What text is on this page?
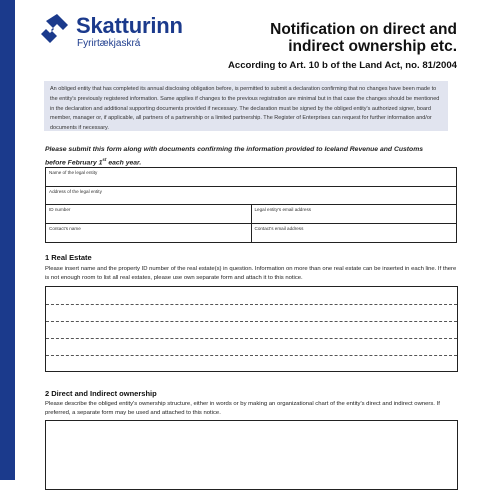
Skatturinn
Fyrirtækjaskrá
Notification on direct and
indirect ownership etc.
According to Art. 10 b of the Land Act, no. 81/2004
An obliged entity that has completed its annual disclosing obligation before, is permitted to submit a declaration confirming that no changes have been made to the entity's previously registered information. Same applies if changes to the previous registration are minimal but in that case the changes should be mentioned in the declaration and additional supporting documents provided if necessary. The declaration must be signed by the obliged entity's authorized signer, board member, manager or, if applicable, all partners of a partnership or a limited partnership. The Register of Enterprises can request for further information and/or documents if necessary.
Please submit this form along with documents confirming the information provided to Iceland Revenue and Customs
before February 1st each year.
Name of the legal entity
Address of the legal entity
ID number	Legal entity's email address
Contact's name	Contact's email address
1 Real Estate
Please insert name and the property ID number of the real estate(s) in question. Information on more than one real estate can be inserted in each line. If there is not enough room to list all real estates, please use own separate form and attach it to this notice.
2 Direct and Indirect ownership
Please describe the obliged entity's ownership structure, either in words or by making an organizational chart of the entity's direct and indirect owners. If preferred, a separate form may be used and attached to this notice.
